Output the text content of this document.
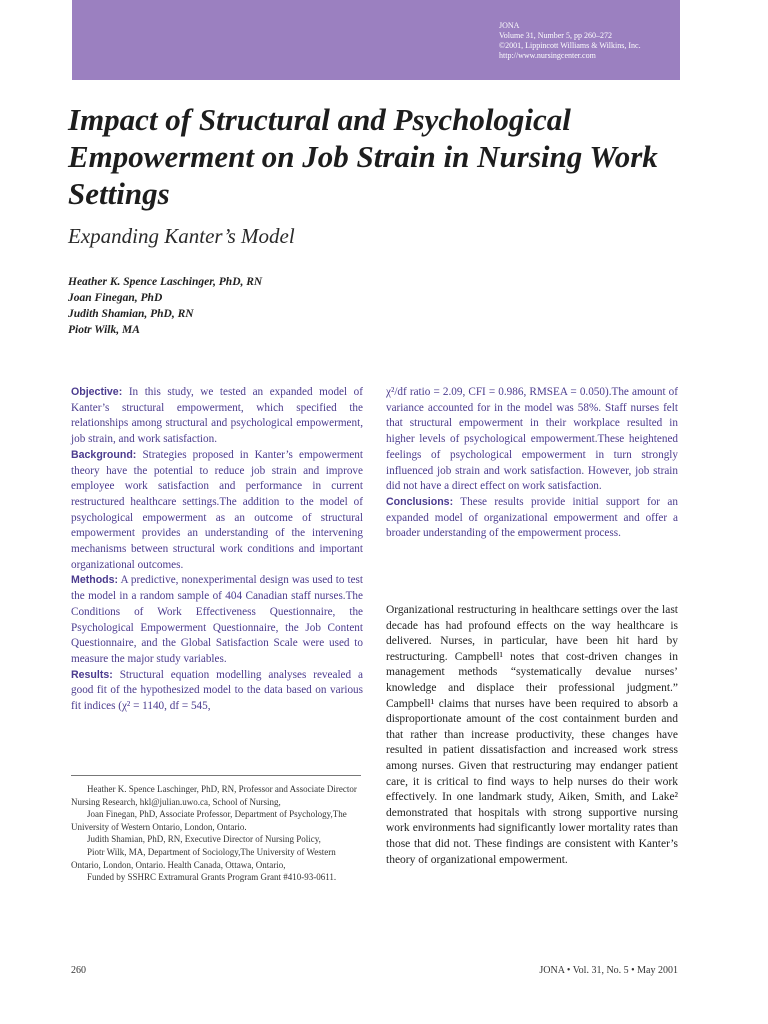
JONA
Volume 31, Number 5, pp 260–272
©2001, Lippincott Williams & Wilkins, Inc.
http://www.nursingcenter.com
Impact of Structural and Psychological Empowerment on Job Strain in Nursing Work Settings
Expanding Kanter’s Model
Heather K. Spence Laschinger, PhD, RN
Joan Finegan, PhD
Judith Shamian, PhD, RN
Piotr Wilk, MA

Objective: In this study, we tested an expanded model of Kanter’s structural empowerment, which specified the relationships among structural and psychological empowerment, job strain, and work satisfaction.

Background: Strategies proposed in Kanter’s empowerment theory have the potential to reduce job strain and improve employee work satisfaction and performance in current restructured healthcare settings.The addition to the model of psychological empowerment as an outcome of structural empowerment provides an understanding of the intervening mechanisms between structural work conditions and important organizational outcomes.

Methods: A predictive, nonexperimental design was used to test the model in a random sample of 404 Canadian staff nurses.The Conditions of Work Effectiveness Questionnaire, the Psychological Empowerment Questionnaire, the Job Content Questionnaire, and the Global Satisfaction Scale were used to measure the major study variables.

Results: Structural equation modelling analyses revealed a good fit of the hypothesized model to the data based on various fit indices (χ² = 1140, df = 545,

χ²/df ratio = 2.09, CFI = 0.986, RMSEA = 0.050).The amount of variance accounted for in the model was 58%. Staff nurses felt that structural empowerment in their workplace resulted in higher levels of psychological empowerment.These heightened feelings of psychological empowerment in turn strongly influenced job strain and work satisfaction. However, job strain did not have a direct effect on work satisfaction.

Conclusions: These results provide initial support for an expanded model of organizational empowerment and offer a broader understanding of the empowerment process.

Organizational restructuring in healthcare settings over the last decade has had profound effects on the way healthcare is delivered. Nurses, in particular, have been hit hard by restructuring. Campbell¹ notes that cost-driven changes in management methods “systematically devalue nurses’ knowledge and displace their professional judgment.” Campbell¹ claims that nurses have been required to absorb a disproportionate amount of the cost containment burden and that rather than increase productivity, these changes have resulted in patient dissatisfaction and increased work stress among nurses. Given that restructuring may endanger patient care, it is critical to find ways to help nurses do their work effectively. In one landmark study, Aiken, Smith, and Lake² demonstrated that hospitals with strong supportive nursing work environments had significantly lower mortality rates than those that did not. These findings are consistent with Kanter’s theory of organizational empowerment.

Heather K. Spence Laschinger, PhD, RN, Professor and Associate Director Nursing Research, hkl@julian.uwo.ca, School of Nursing,

Joan Finegan, PhD, Associate Professor, Department of Psychology,The University of Western Ontario, London, Ontario.

Judith Shamian, PhD, RN, Executive Director of Nursing Policy,

Piotr Wilk, MA, Department of Sociology,The University of Western Ontario, London, Ontario. Health Canada, Ottawa, Ontario,

Funded by SSHRC Extramural Grants Program Grant #410-93-0611.

260	JONA • Vol. 31, No. 5 • May 2001
